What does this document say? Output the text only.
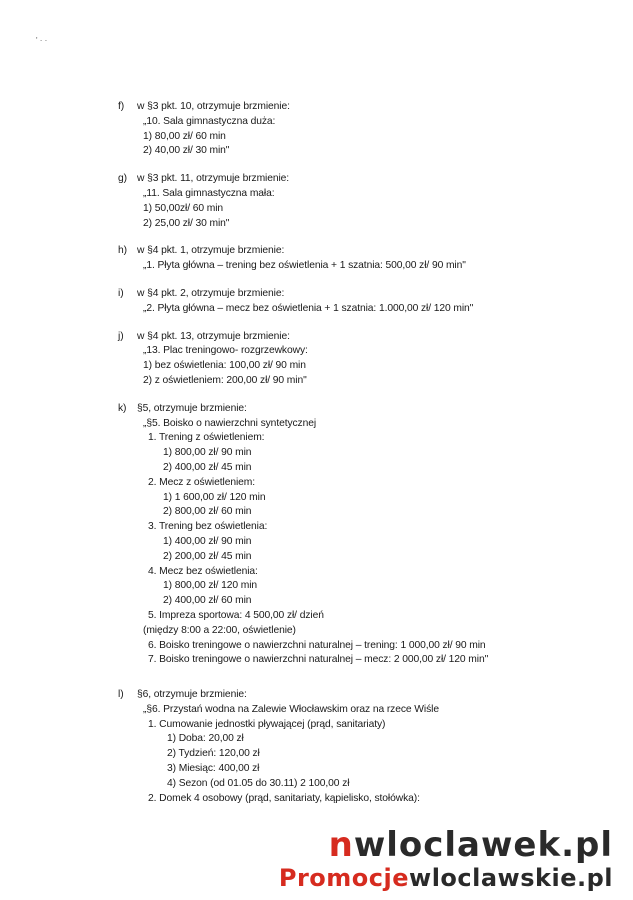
' · ·
f)	w §3 pkt. 10, otrzymuje brzmienie:
„10. Sala gimnastyczna duża:
1) 80,00 zł/ 60 min
2) 40,00 zł/ 30 min"
g) w §3 pkt. 11, otrzymuje brzmienie:
„11. Sala gimnastyczna mała:
1) 50,00zł/ 60 min
2) 25,00 zł/ 30 min"
h) w §4 pkt. 1, otrzymuje brzmienie:
„1. Płyta główna – trening bez oświetlenia + 1 szatnia: 500,00 zł/ 90 min"
i)	w §4 pkt. 2, otrzymuje brzmienie:
„2. Płyta główna – mecz bez oświetlenia + 1 szatnia: 1.000,00 zł/ 120 min"
j)	w §4 pkt. 13, otrzymuje brzmienie:
„13. Plac treningowo- rozgrzewkowy:
1) bez oświetlenia: 100,00 zł/ 90 min
2) z oświetleniem: 200,00 zł/ 90 min"
k)	§5, otrzymuje brzmienie:
„§5. Boisko o nawierzchni syntetycznej
1. Trening z oświetleniem:
1) 800,00 zł/ 90 min
2) 400,00 zł/ 45 min
2. Mecz z oświetleniem:
1) 1 600,00 zł/ 120 min
2) 800,00 zł/ 60 min
3. Trening bez oświetlenia:
1) 400,00 zł/ 90 min
2) 200,00 zł/ 45 min
4. Mecz bez oświetlenia:
1) 800,00 zł/ 120 min
2) 400,00 zł/ 60 min
5. Impreza sportowa: 4 500,00 zł/ dzień
(między 8:00 a 22:00, oświetlenie)
6. Boisko treningowe o nawierzchni naturalnej – trening: 1 000,00 zł/ 90 min
7. Boisko treningowe o nawierzchni naturalnej – mecz: 2 000,00 zł/ 120 min"
l)	§6, otrzymuje brzmienie:
„§6. Przystań wodna na Zalewie Włocławskim oraz na rzece Wiśle
1. Cumowanie jednostki pływającej (prąd, sanitariaty)
1) Doba: 20,00 zł
2) Tydzień: 120,00 zł
3) Miesiąc: 400,00 zł
4) Sezon (od 01.05 do 30.11) 2 100,00 zł
2. Domek 4 osobowy (prąd, sanitariaty, kąpielisko, stołówka):
nwloclawek.pl
Promocjewloclawskie.pl
